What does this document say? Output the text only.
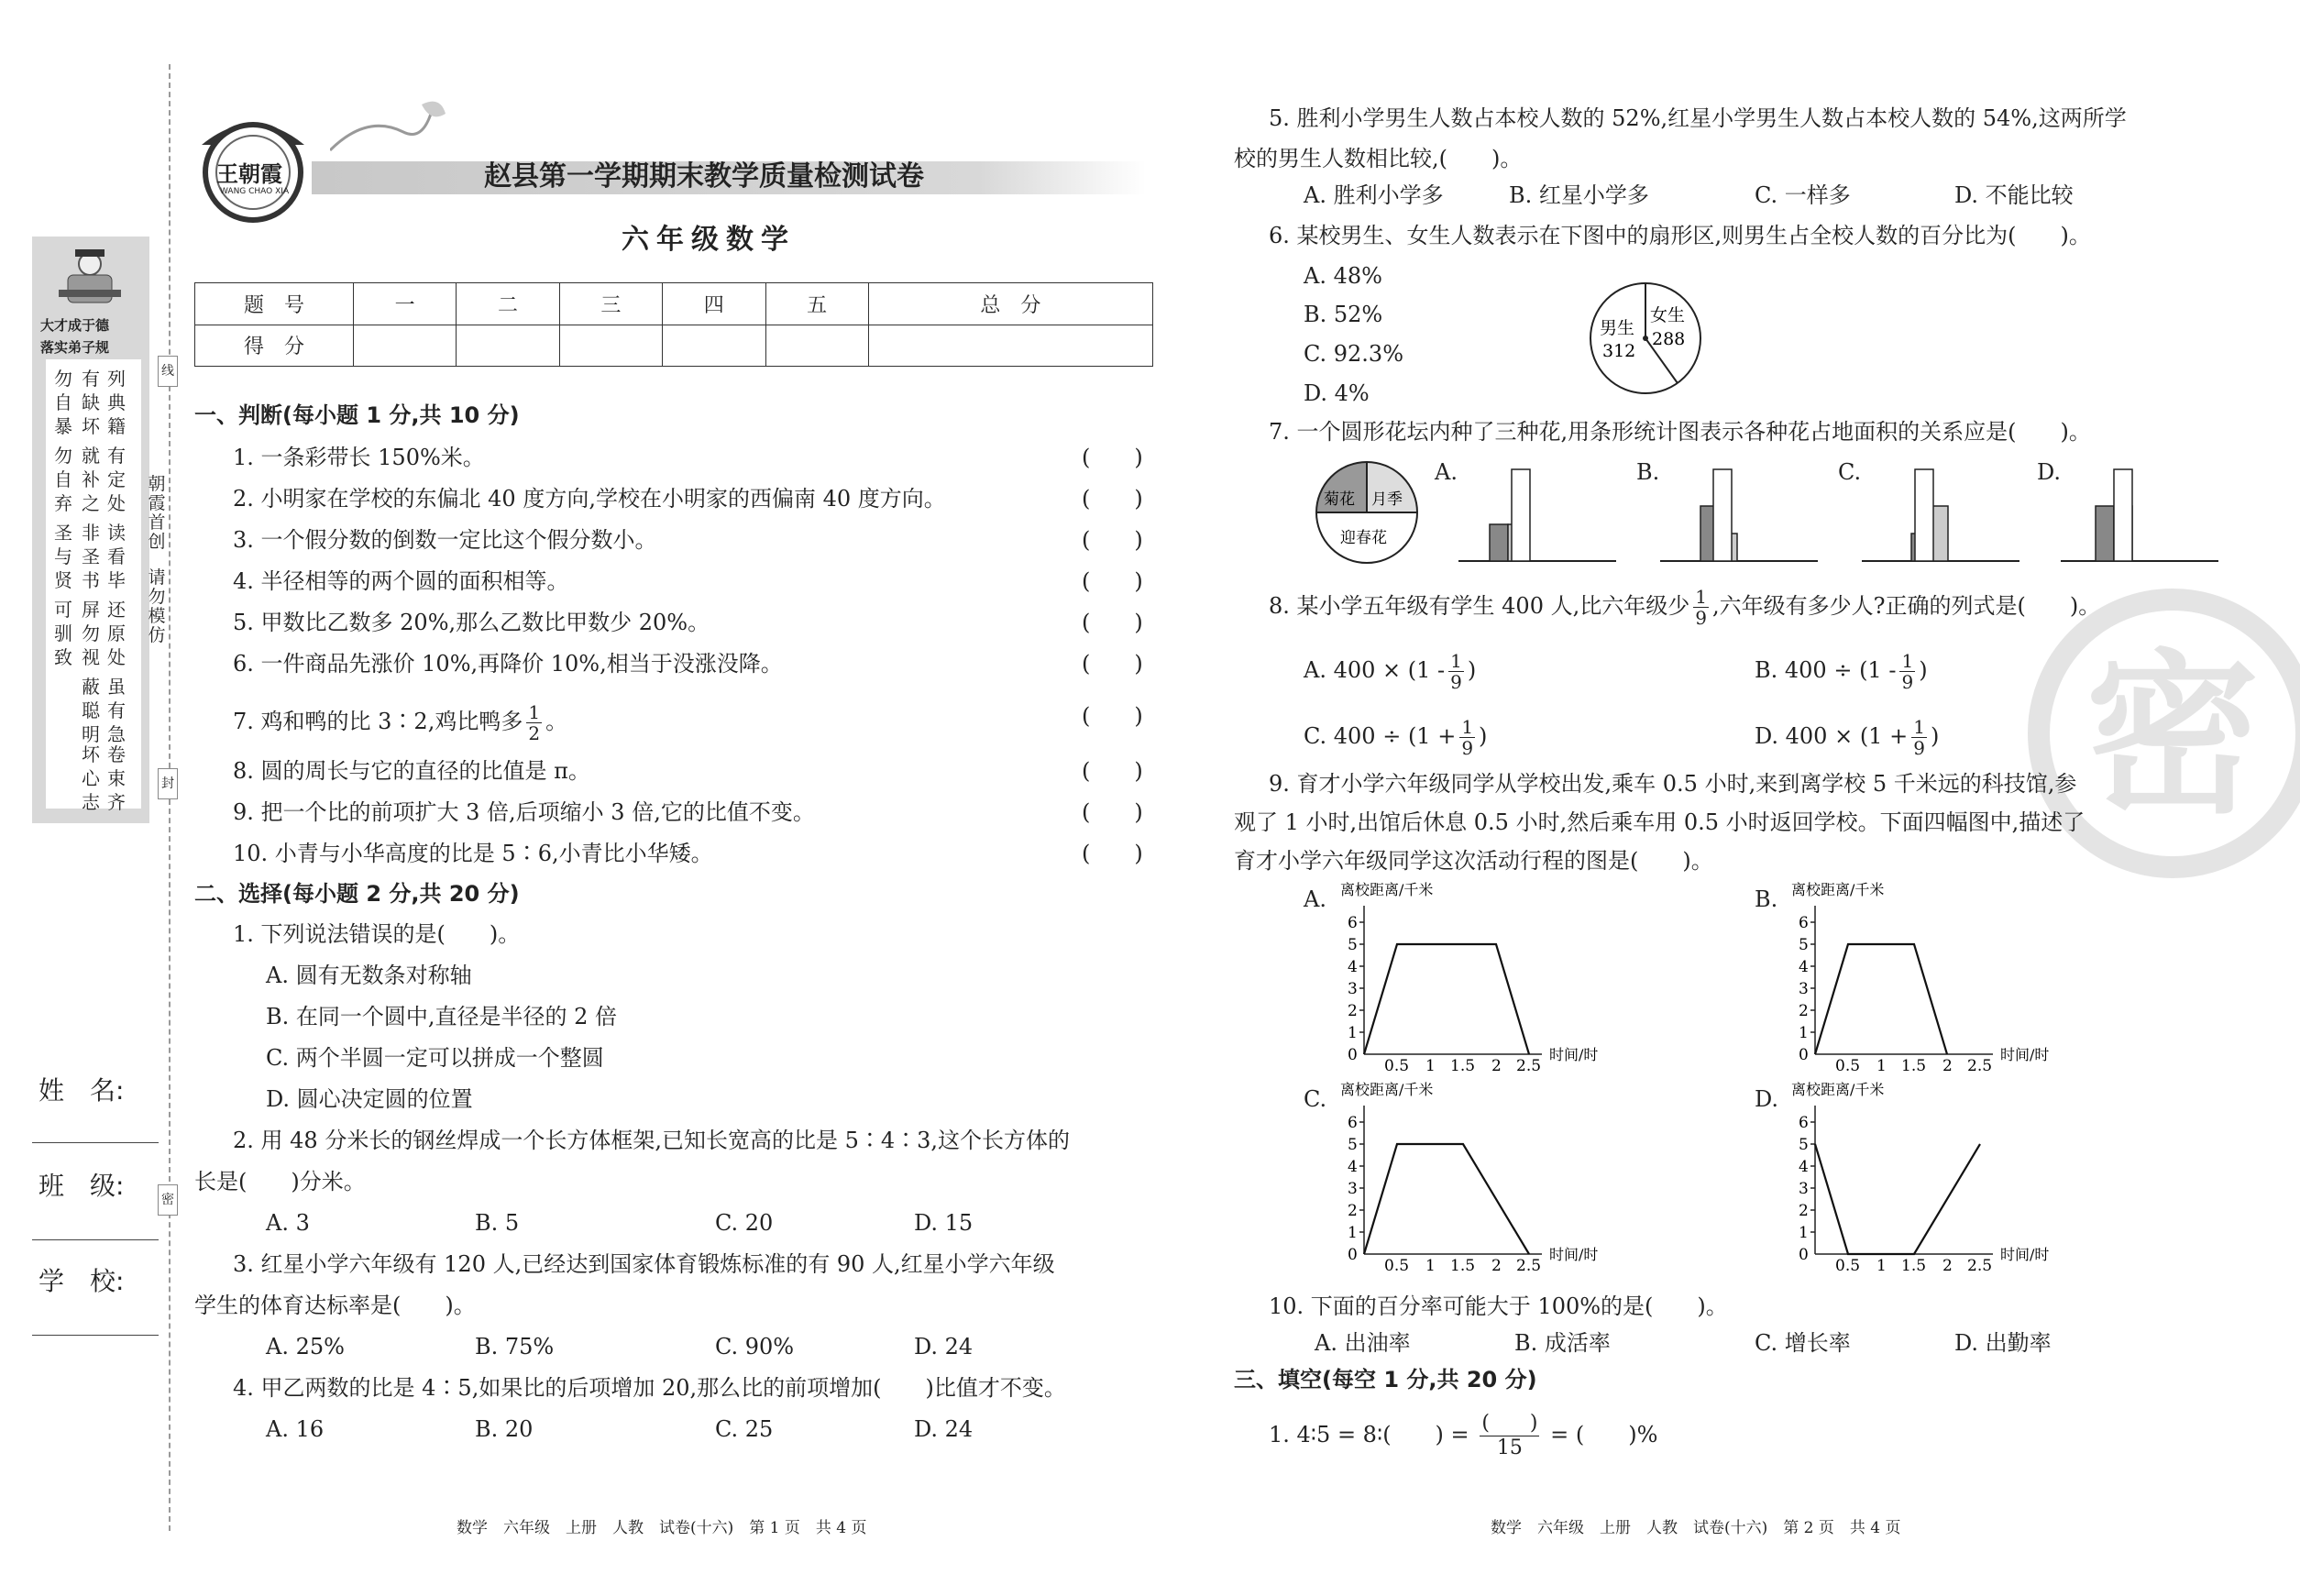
大才成于德
落实弟子规
勿自暴
有缺坏
列典籍
勿自弃
就补之
有定处
圣与贤
非圣书
读看毕
可驯致
屏勿视
还原处
蔽聪明
虽有急
坏心志
卷束齐
朝霞首创
请勿模仿
线
封
密
姓　名:
班　级:
学　校:
王朝霞
WANG CHAO XIA	赵县第一学期期末教学质量检测试卷
六年级数学
题　号	一	二	三	四	五	总　分
得　分						
一、判断(每小题 1 分,共 10 分)
1. 一条彩带长 150%米。
2. 小明家在学校的东偏北 40 度方向,学校在小明家的西偏南 40 度方向。
3. 一个假分数的倒数一定比这个假分数小。
4. 半径相等的两个圆的面积相等。
5. 甲数比乙数多 20%,那么乙数比甲数少 20%。
6. 一件商品先涨价 10%,再降价 10%,相当于没涨没降。
7. 鸡和鸭的比 3∶2,鸡比鸭多 $\frac{1}{2}$ 。
8. 圆的周长与它的直径的比值是 π。
9. 把一个比的前项扩大 3 倍,后项缩小 3 倍,它的比值不变。
10. 小青与小华高度的比是 5∶6,小青比小华矮。
(　　)
(　　)
(　　)
(　　)
(　　)
(　　)
(　　)
(　　)
(　　)
(　　)
二、选择(每小题 2 分,共 20 分)
1. 下列说法错误的是(　　)。
A. 圆有无数条对称轴
B. 在同一个圆中,直径是半径的 2 倍
C. 两个半圆一定可以拼成一个整圆
D. 圆心决定圆的位置
2. 用 48 分米长的钢丝焊成一个长方体框架,已知长宽高的比是 5∶4∶3,这个长方体的
长是(　　)分米。
A. 3	B. 5	C. 20	D. 15
3. 红星小学六年级有 120 人,已经达到国家体育锻炼标准的有 90 人,红星小学六年级
学生的体育达标率是(　　)。
A. 25%	B. 75%	C. 90%	D. 24
4. 甲乙两数的比是 4∶5,如果比的后项增加 20,那么比的前项增加(　　)比值才不变。
A. 16	B. 20	C. 25	D. 24
数学　六年级　上册　人教　试卷(十六)　第 1 页　共 4 页
密
5. 胜利小学男生人数占本校人数的 52%,红星小学男生人数占本校人数的 54%,这两所学
校的男生人数相比较,(　　)。
A. 胜利小学多	B. 红星小学多	C. 一样多	D. 不能比较
6. 某校男生、女生人数表示在下图中的扇形区,则男生占全校人数的百分比为(　　)。
A. 48%
B. 52%
C. 92.3%
D. 4%
男生
312
女生
288
7. 一个圆形花坛内种了三种花,用条形统计图表示各种花占地面积的关系应是(　　)。
菊花 月季
迎春花
A.	B.	C.	D.
8. 某小学五年级有学生 400 人,比六年级少 $\frac{1}{9}$ ,六年级有多少人?正确的列式是(　　)。
A. $400 \times (1 - \frac{1}{9}$ )	B. $400 \div (1 - \frac{1}{9}$ )
C. $400 \div (1 + \frac{1}{9}$ )	D. $400 \times (1 + \frac{1}{9}$ )
9. 育才小学六年级同学从学校出发,乘车 0.5 小时,来到离学校 5 千米远的科技馆,参
观了 1 小时,出馆后休息 0.5 小时,然后乘车用 0.5 小时返回学校。下面四幅图中,描述了
育才小学六年级同学这次活动行程的图是(　　)。
A. 离校距离/千米
0
1
2
3
4
5
6
0.5 1 1.5 2 2.5
时间/时
B. 离校距离/千米
0
1
2
3
4
5
6
0.5 1 1.5 2 2.5
时间/时
C. 离校距离/千米
0
1
2
3
4
5
6
0.5 1 1.5 2 2.5
时间/时
D. 离校距离/千米
0
1
2
3
4
5
6
0.5 1 1.5 2 2.5
时间/时
10. 下面的百分率可能大于 100%的是(　　)。
A. 出油率	B. 成活率	C. 增长率	D. 出勤率
三、填空(每空 1 分,共 20 分)
1. 4∶5 = 8∶(　　) = $\frac{( )}{15}$ = (　　)%
数学　六年级　上册　人教　试卷(十六)　第 2 页　共 4 页
